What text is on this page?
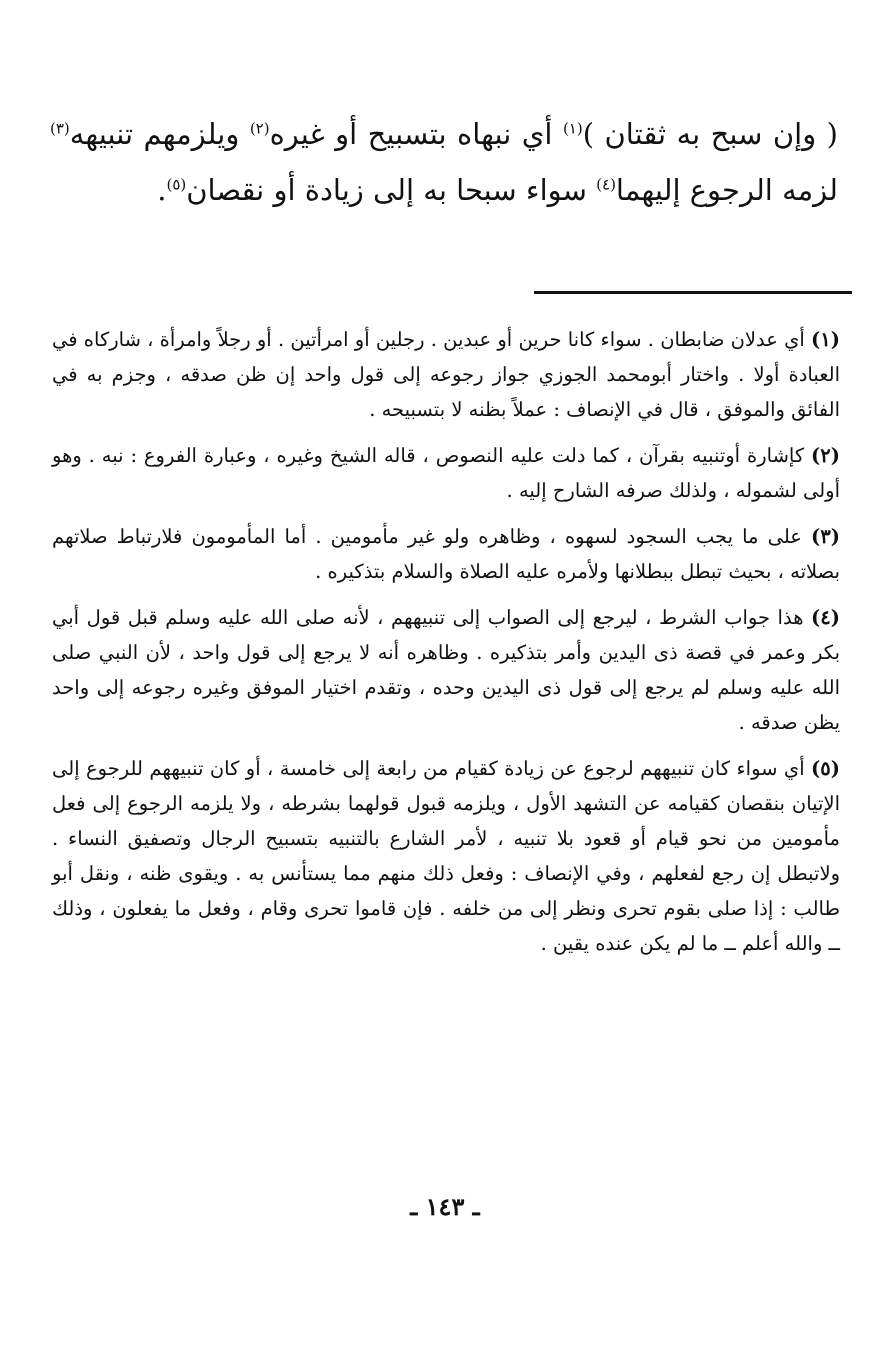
( وإن سبح به ثقتان )$^{(١)}$ أي نبهاه بتسبيح أو غيره$^{(٢)}$ ويلزمهم تنبيهه$^{(٣)}$ لزمه الرجوع إليهما$^{(٤)}$ سواء سبحا به إلى زيادة أو نقصان$^{(٥)}$.

(١) أي عدلان ضابطان . سواء كانا حرين أو عبدين . رجلين أو امرأتين . أو رجلاً وامرأة ، شاركاه في العبادة أولا . واختار أبومحمد الجوزي جواز رجوعه إلى قول واحد إن ظن صدقه ، وجزم به في الفائق والموفق ، قال في الإنصاف : عملاً بظنه لا بتسبيحه .

(٢) كإشارة أوتنبيه بقرآن ، كما دلت عليه النصوص ، قاله الشيخ وغيره ، وعبارة الفروع : نبه . وهو أولى لشموله ، ولذلك صرفه الشارح إليه .

(٣) على ما يجب السجود لسهوه ، وظاهره ولو غير مأمومين . أما المأمومون فلارتباط صلاتهم بصلاته ، بحيث تبطل ببطلانها ولأمره عليه الصلاة والسلام بتذكيره .

(٤) هذا جواب الشرط ، ليرجع إلى الصواب إلى تنبيههم ، لأنه صلى الله عليه وسلم قبل قول أبي بكر وعمر في قصة ذى اليدين وأمر بتذكيره . وظاهره أنه لا يرجع إلى قول واحد ، لأن النبي صلى الله عليه وسلم لم يرجع إلى قول ذى اليدين وحده ، وتقدم اختيار الموفق وغيره رجوعه إلى واحد يظن صدقه .

(٥) أي سواء كان تنبيههم لرجوع عن زيادة كقيام من رابعة إلى خامسة ، أو كان تنبيههم للرجوع إلى الإتيان بنقصان كقيامه عن التشهد الأول ، ويلزمه قبول قولهما بشرطه ، ولا يلزمه الرجوع إلى فعل مأمومين من نحو قيام أو قعود بلا تنبيه ، لأمر الشارع بالتنبيه بتسبيح الرجال وتصفيق النساء . ولاتبطل إن رجع لفعلهم ، وفي الإنصاف : وفعل ذلك منهم مما يستأنس به . ويقوى ظنه ، ونقل أبو طالب : إذا صلى بقوم تحرى ونظر إلى من خلفه . فإن قاموا تحرى وقام ، وفعل ما يفعلون ، وذلك ــ والله أعلم ــ ما لم يكن عنده يقين .

ـ ١٤٣ ـ
